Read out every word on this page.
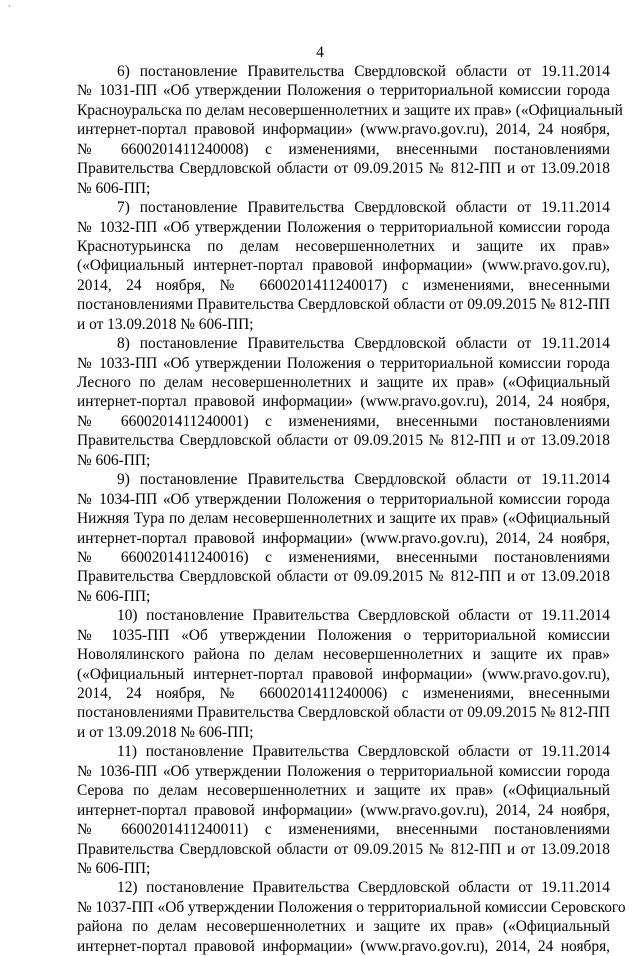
`
4
6) постановление Правительства Свердловской области от 19.11.2014
№ 1031-ПП «Об утверждении Положения о территориальной комиссии города
Красноуральска по делам несовершеннолетних и защите их прав» («Официальный
интернет-портал правовой информации» (www.pravo.gov.ru), 2014, 24 ноября,
№ 6600201411240008) с изменениями, внесенными постановлениями
Правительства Свердловской области от 09.09.2015 № 812-ПП и от 13.09.2018
№ 606-ПП;
7) постановление Правительства Свердловской области от 19.11.2014
№ 1032-ПП «Об утверждении Положения о территориальной комиссии города
Краснотурьинска по делам несовершеннолетних и защите их прав»
(«Официальный интернет-портал правовой информации» (www.pravo.gov.ru),
2014, 24 ноября, № 6600201411240017) с изменениями, внесенными
постановлениями Правительства Свердловской области от 09.09.2015 № 812-ПП
и от 13.09.2018 № 606-ПП;
8) постановление Правительства Свердловской области от 19.11.2014
№ 1033-ПП «Об утверждении Положения о территориальной комиссии города
Лесного по делам несовершеннолетних и защите их прав» («Официальный
интернет-портал правовой информации» (www.pravo.gov.ru), 2014, 24 ноября,
№ 6600201411240001) с изменениями, внесенными постановлениями
Правительства Свердловской области от 09.09.2015 № 812-ПП и от 13.09.2018
№ 606-ПП;
9) постановление Правительства Свердловской области от 19.11.2014
№ 1034-ПП «Об утверждении Положения о территориальной комиссии города
Нижняя Тура по делам несовершеннолетних и защите их прав» («Официальный
интернет-портал правовой информации» (www.pravo.gov.ru), 2014, 24 ноября,
№ 6600201411240016) с изменениями, внесенными постановлениями
Правительства Свердловской области от 09.09.2015 № 812-ПП и от 13.09.2018
№ 606-ПП;
10) постановление Правительства Свердловской области от 19.11.2014
№ 1035-ПП «Об утверждении Положения о территориальной комиссии
Новолялинского района по делам несовершеннолетних и защите их прав»
(«Официальный интернет-портал правовой информации» (www.pravo.gov.ru),
2014, 24 ноября, № 6600201411240006) с изменениями, внесенными
постановлениями Правительства Свердловской области от 09.09.2015 № 812-ПП
и от 13.09.2018 № 606-ПП;
11) постановление Правительства Свердловской области от 19.11.2014
№ 1036-ПП «Об утверждении Положения о территориальной комиссии города
Серова по делам несовершеннолетних и защите их прав» («Официальный
интернет-портал правовой информации» (www.pravo.gov.ru), 2014, 24 ноября,
№ 6600201411240011) с изменениями, внесенными постановлениями
Правительства Свердловской области от 09.09.2015 № 812-ПП и от 13.09.2018
№ 606-ПП;
12) постановление Правительства Свердловской области от 19.11.2014
№ 1037-ПП «Об утверждении Положения о территориальной комиссии Серовского
района по делам несовершеннолетних и защите их прав» («Официальный
интернет-портал правовой информации» (www.pravo.gov.ru), 2014, 24 ноября,
